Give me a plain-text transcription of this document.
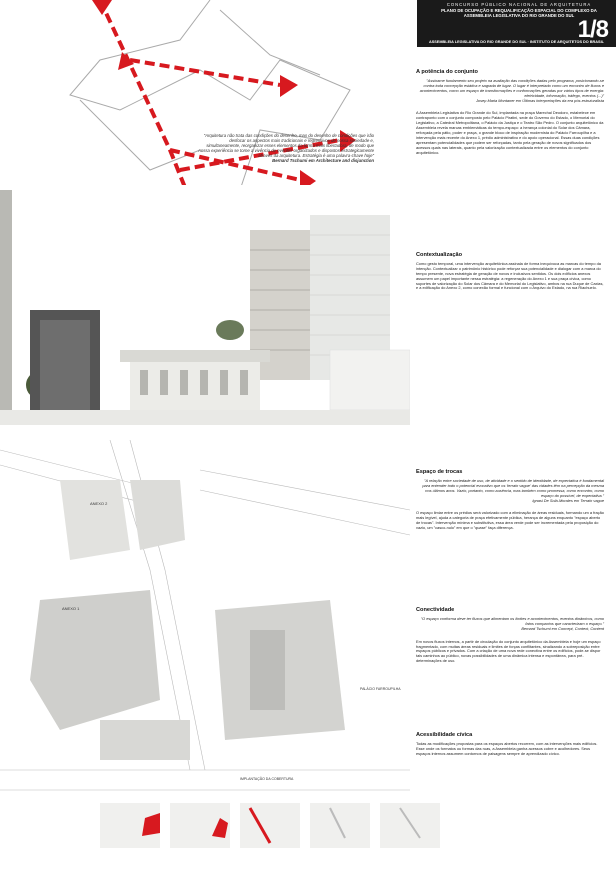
CONCURSO PÚBLICO NACIONAL DE ARQUITETURA
PLANO DE OCUPAÇÃO E REQUALIFICAÇÃO ESPACIAL DO COMPLEXO DA ASSEMBLEIA LEGISLATIVA DO RIO GRANDE DO SUL
1/8
ASSEMBLEIA LEGISLATIVA DO RIO GRANDE DO SUL · INSTITUTO DE ARQUITETOS DO BRASIL
"Arquitetura não trata das condições do desenho, mas do desenho de condições que irão desfocar os aspectos mais tradicionais e regressivos de nossa sociedade e, simultaneamente, reorganizar esses elementos da forma mais libertadora, de modo que nossa experiência se torne a vivência de eventos organizados e dispostos estrategicamente através da arquitetura. Estratégia é uma palavra-chave hoje"
Bernard Tschumi em Architecture and disjunction
ANEXO 2
ANEXO 1
PALÁCIO FARROUPILHA
IMPLANTAÇÃO DA COBERTURA
A potência do conjunto
"Assiname fundamento seu projeto na avaliação das condições dadas pelo programa, posicionando-se contra toda concepção estática e sagrada de lugar. O lugar é interpretado como um encontro de fluxos e acontecimentos, como um espaço de transformações e conformações geradas por vários tipos de energia: eletricidade, informação, tráfego, eventos (...)"
Josep Maria Montaner em Últimas interpretações da era pós-estruturalista
A Assembleia Legislativa do Rio Grande do Sul, implantada na praça Marechal Deodoro, estabelece em contraponto com o conjunto composto pelo Palácio Piratini, sede do Governo do Estado, o Memorial do Legislativo, a Catedral Metropolitana, o Palácio da Justiça e o Teatro São Pedro. O conjunto arquitetônico da Assembleia revela marcas emblemáticas do tempo-espaço: a herança colonial do Solar dos Câmara, reforçada pela pátio, poder e praça, o grande bloco de inspiração modernista do Palácio Farroupilha e a intervenção mais recente do Anexo 1, prédio administrativo e do apoio operacional. Essas duas condições apresentam potencialidades que podem ser reforçadas, tanto pela geração de novos significados dos acessos quais nas laterais, quanto pela valorização contextualizada entre os elementos do conjunto arquitetônico.
Contextualização
Como gesto temporal, uma intervenção arquitetônica assinala de forma inequívoca as marcas do tempo da intenção. Contextualizar o patrimônio histórico pode reforçar sua potencialidade e dialogar com a marca do tempo presente, nova estratégia de geração de novos e inclusivos sentidos. Os dois edifícios anexos assumem um papel importante nessa estratégia: a regeneração do Anexo 1 e sua praça cívica, como suportes de valorização do Solar dos Câmara e do Memorial do Legislativo, ambos na rua Duque de Caxias, e a edificação do Anexo 2, como conexão formal e funcional com o Arquivo do Estado, na rua Riachuelo.
Espaço de trocas
"A relação entre sociedade de uso, de atividade e o sentido de identidade, de expectativa é fundamental para entender todo o potencial evocativo que os 'terrain vague' das cidades têm na percepção da mesma nos últimos anos. Vazio, portanto, como ausência, mas também como promessa, como encontro, como espaço do possível, de expectativa."
Ignasi De Solà-Morales em Terrain vague
O espaço limiar entre os prédios será valorizado com a eliminação de áreas residuais, formando um a fração mais legível, ajuda a categoria de praça efetivamente pública, herança de alguns enquanto "espaço aberto de trocas". Intervenção mínima e substitutiva, essa área verde pode ser incrementada pela proposição do vazio, um "casco-nulo" em que o "quase" faça diferença.
Conectividade
"O espaço conforma deve ter fluxos que alimentam os limites e acontecimentos, eventos dinâmicos, como fatos compactos que caracterizam o espaço."
Bernard Tschumi em Concept, Context, Content
Em novos fluxos internos, a partir de circulação do conjunto arquitetônico da Assembleia e hoje um espaço fragmentado, com muitas áreas residuais e limites de forças conflitantes, sinalizando a sobreposição entre espaços públicos e privados. Com a criação de uma nova rede conectiva entre os edifícios, pode-se dispor tais caminhos ao público, novas possibilidades de uma dinâmica intensa e espontânea, para pré-determinações de uso.
Acessibilidade cívica
Todas as modificações propostas para os espaços abertos recorrem, com as intervenções mais edifícios. Esse onde os formatos ou formas das ruas, a Assembleia ganha acessos cobre e acolhedores. Seus espaços internos assumem contornos de paisagens sempre de aprendizado cívico.
